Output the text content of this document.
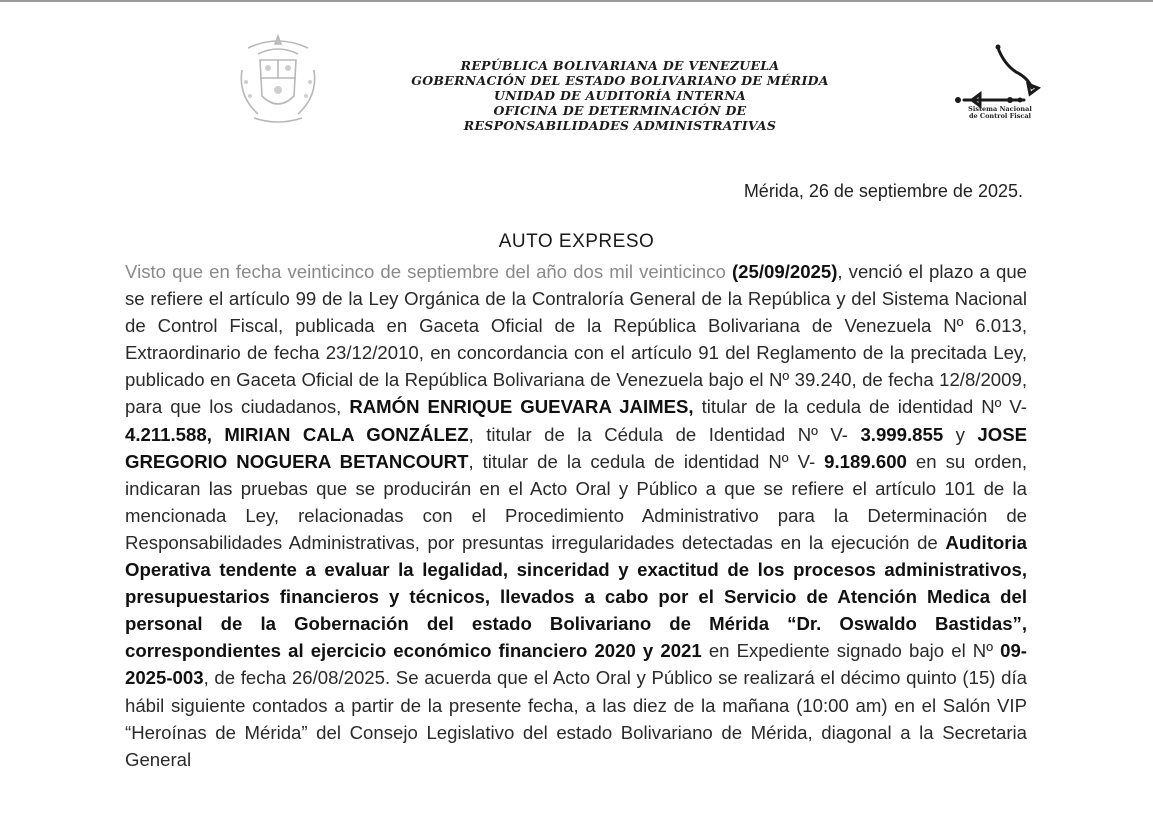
Sistema Nacional
de Control Fiscal
REPÚBLICA BOLIVARIANA DE VENEZUELA
GOBERNACIÓN DEL ESTADO BOLIVARIANO DE MÉRIDA
UNIDAD DE AUDITORÍA INTERNA
OFICINA DE DETERMINACIÓN DE
RESPONSABILIDADES ADMINISTRATIVAS
Mérida, 26 de septiembre de 2025.
AUTO EXPRESO

Visto que en fecha veinticinco de septiembre del año dos mil veinticinco (25/09/2025), venció el plazo a que se refiere el artículo 99 de la Ley Orgánica de la Contraloría General de la República y del Sistema Nacional de Control Fiscal, publicada en Gaceta Oficial de la República Bolivariana de Venezuela Nº 6.013, Extraordinario de fecha 23/12/2010, en concordancia con el artículo 91 del Reglamento de la precitada Ley, publicado en Gaceta Oficial de la República Bolivariana de Venezuela bajo el Nº 39.240, de fecha 12/8/2009, para que los ciudadanos, RAMÓN ENRIQUE GUEVARA JAIMES, titular de la cedula de identidad Nº V- 4.211.588, MIRIAN CALA GONZÁLEZ, titular de la Cédula de Identidad Nº V- 3.999.855 y JOSE GREGORIO NOGUERA BETANCOURT, titular de la cedula de identidad Nº V- 9.189.600 en su orden, indicaran las pruebas que se producirán en el Acto Oral y Público a que se refiere el artículo 101 de la mencionada Ley, relacionadas con el Procedimiento Administrativo para la Determinación de Responsabilidades Administrativas, por presuntas irregularidades detectadas en la ejecución de Auditoria Operativa tendente a evaluar la legalidad, sinceridad y exactitud de los procesos administrativos, presupuestarios financieros y técnicos, llevados a cabo por el Servicio de Atención Medica del personal de la Gobernación del estado Bolivariano de Mérida “Dr. Oswaldo Bastidas”, correspondientes al ejercicio económico financiero 2020 y 2021 en Expediente signado bajo el Nº 09-2025-003, de fecha 26/08/2025. Se acuerda que el Acto Oral y Público se realizará el décimo quinto (15) día hábil siguiente contados a partir de la presente fecha, a las diez de la mañana (10:00 am) en el Salón VIP “Heroínas de Mérida” del Consejo Legislativo del estado Bolivariano de Mérida, diagonal a la Secretaria General
